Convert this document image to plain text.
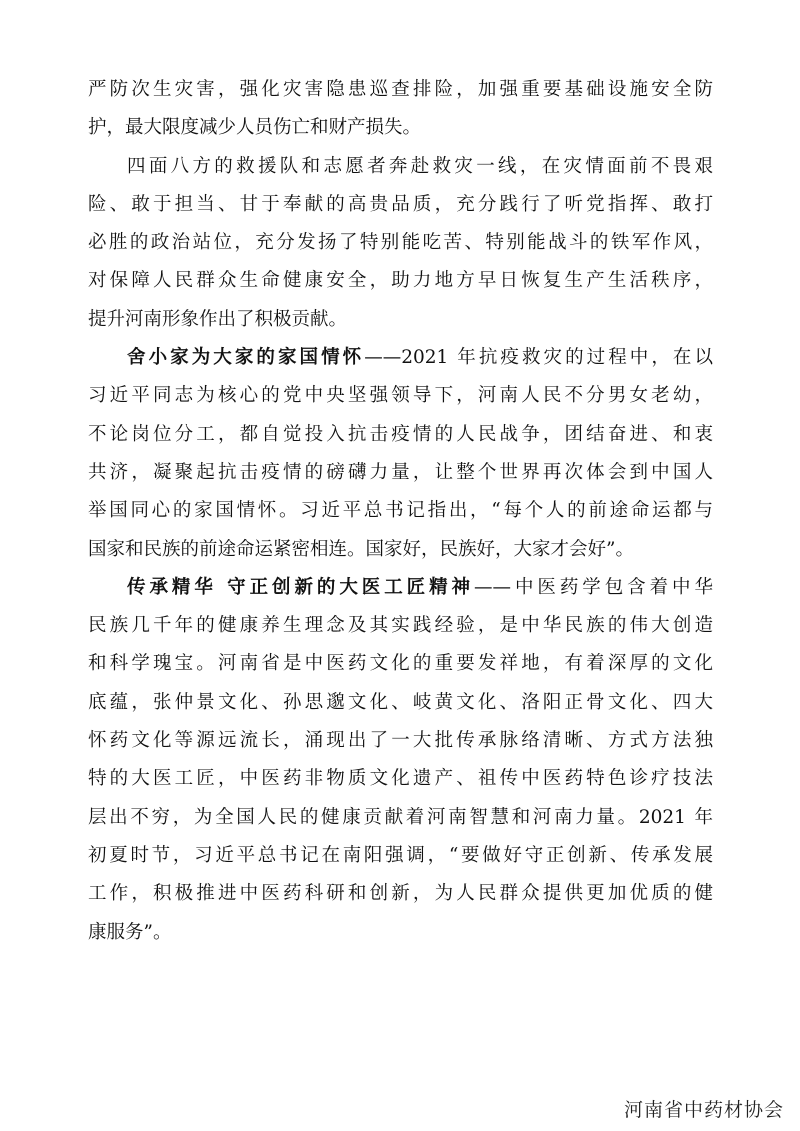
严防次生灾害，强化灾害隐患巡查排险，加强重要基础设施安全防
护，最大限度减少人员伤亡和财产损失。
四面八方的救援队和志愿者奔赴救灾一线，在灾情面前不畏艰
险、敢于担当、甘于奉献的高贵品质，充分践行了听党指挥、敢打
必胜的政治站位，充分发扬了特别能吃苦、特别能战斗的铁军作风，
对保障人民群众生命健康安全，助力地方早日恢复生产生活秩序，
提升河南形象作出了积极贡献。
舍小家为大家的家国情怀——2021 年抗疫救灾的过程中，在以
习近平同志为核心的党中央坚强领导下，河南人民不分男女老幼，
不论岗位分工，都自觉投入抗击疫情的人民战争，团结奋进、和衷
共济，凝聚起抗击疫情的磅礴力量，让整个世界再次体会到中国人
举国同心的家国情怀。习近平总书记指出，“每个人的前途命运都与
国家和民族的前途命运紧密相连。国家好，民族好，大家才会好”。
传承精华 守正创新的大医工匠精神——中医药学包含着中华
民族几千年的健康养生理念及其实践经验，是中华民族的伟大创造
和科学瑰宝。河南省是中医药文化的重要发祥地，有着深厚的文化
底蕴，张仲景文化、孙思邈文化、岐黄文化、洛阳正骨文化、四大
怀药文化等源远流长，涌现出了一大批传承脉络清晰、方式方法独
特的大医工匠，中医药非物质文化遗产、祖传中医药特色诊疗技法
层出不穷，为全国人民的健康贡献着河南智慧和河南力量。2021 年
初夏时节，习近平总书记在南阳强调，“要做好守正创新、传承发展
工作，积极推进中医药科研和创新，为人民群众提供更加优质的健
康服务”。
河南省中药材协会
